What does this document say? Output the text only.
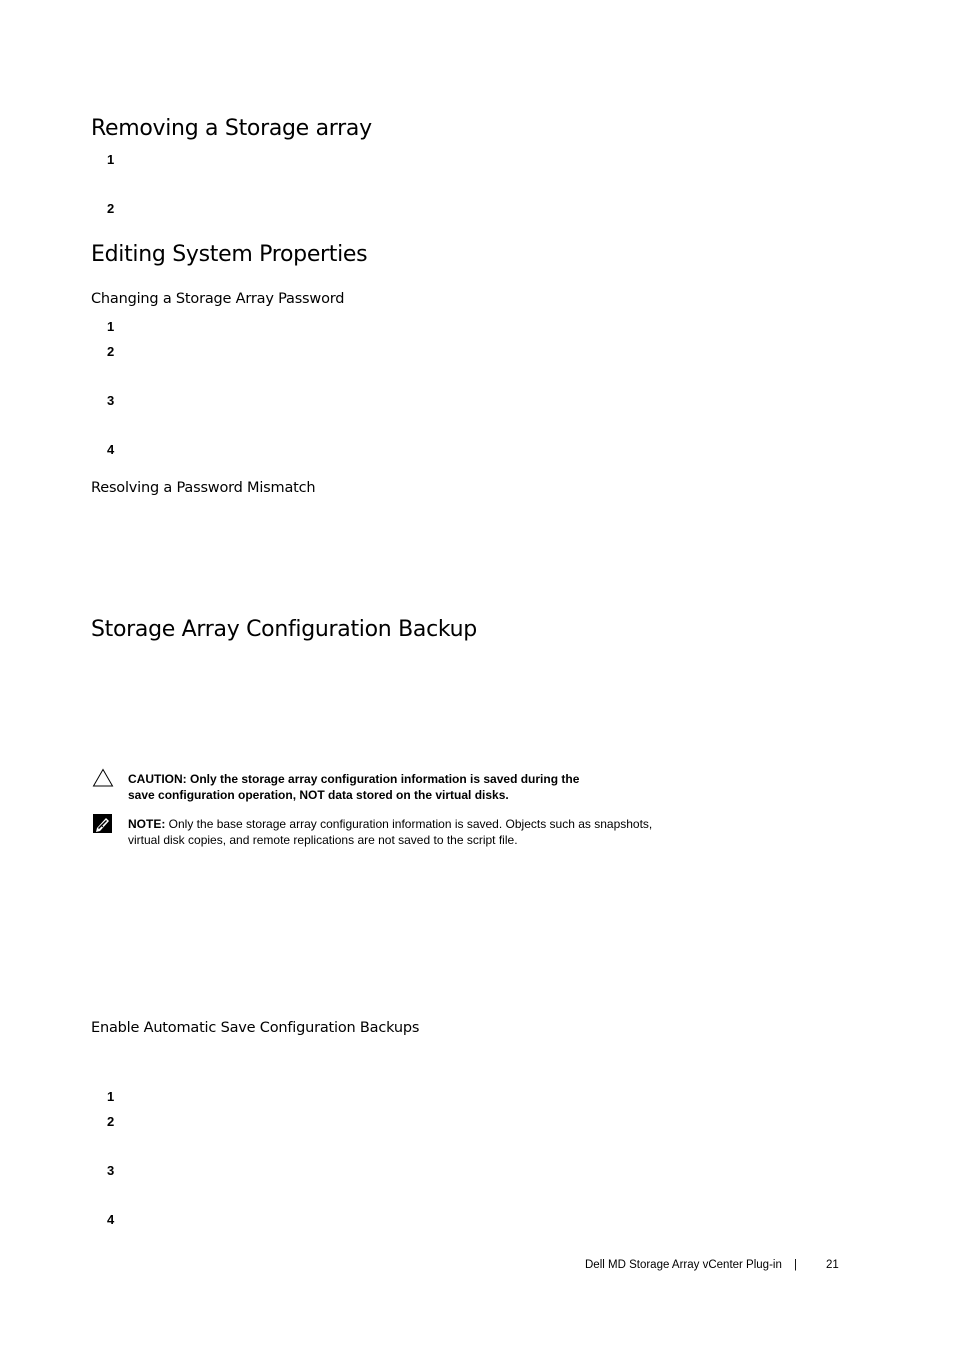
Removing a Storage array
1
2
Editing System Properties
Changing a Storage Array Password
1
2
3
4
Resolving a Password Mismatch
Storage Array Configuration Backup
CAUTION: Only the storage array configuration information is saved during the
save configuration operation, NOT data stored on the virtual disks.
NOTE: Only the base storage array configuration information is saved. Objects such as snapshots,
virtual disk copies, and remote replications are not saved to the script file.
Enable Automatic Save Configuration Backups
1
2
3
4
Dell MD Storage Array vCenter Plug-in |	21
